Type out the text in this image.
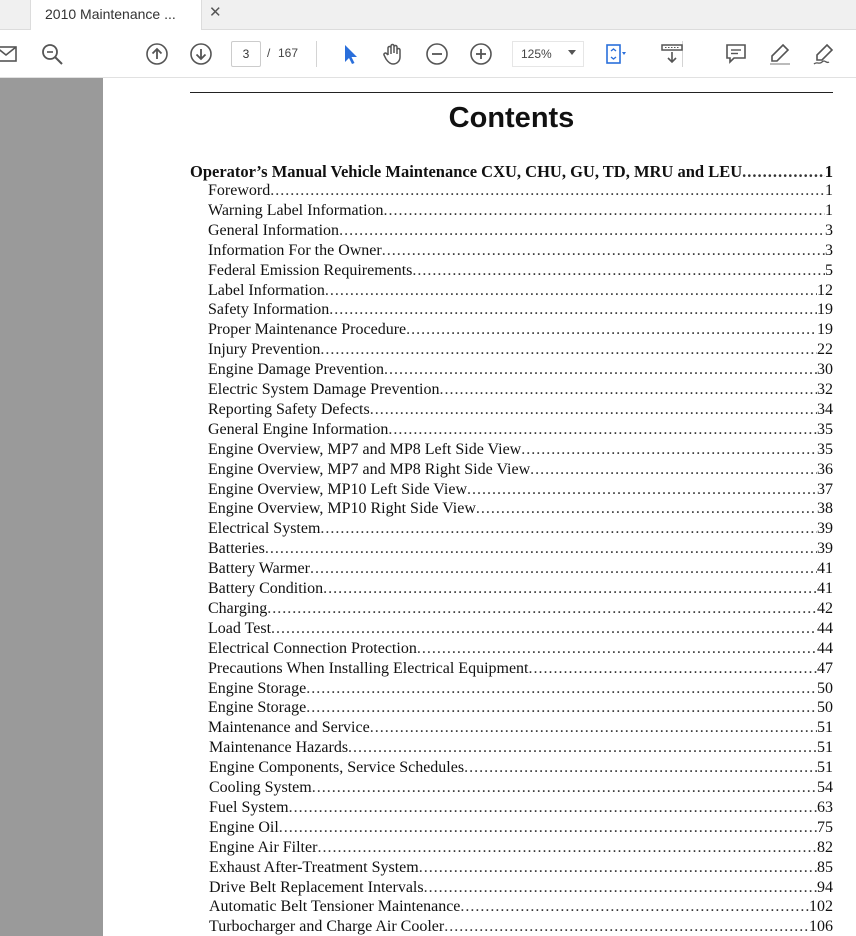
2010 Maintenance ... ✕
3	/ 167	125%
Contents
Operator’s Manual Vehicle Maintenance CXU, CHU, GU, TD, MRU and LEU .....	1
Foreword .....	1
Warning Label Information .....	1
General Information .....	3
Information For the Owner .....	3
Federal Emission Requirements .....	5
Label Information .....	12
Safety Information .....	19
Proper Maintenance Procedure .....	19
Injury Prevention .....	22
Engine Damage Prevention .....	30
Electric System Damage Prevention .....	32
Reporting Safety Defects .....	34
General Engine Information .....	35
Engine Overview, MP7 and MP8 Left Side View .....	35
Engine Overview, MP7 and MP8 Right Side View .....	36
Engine Overview, MP10 Left Side View .....	37
Engine Overview, MP10 Right Side View .....	38
Electrical System .....	39
Batteries .....	39
Battery Warmer .....	41
Battery Condition .....	41
Charging .....	42
Load Test .....	44
Electrical Connection Protection .....	44
Precautions When Installing Electrical Equipment .....	47
Engine Storage .....	50
Engine Storage .....	50
Maintenance and Service .....	51
Maintenance Hazards .....	51
Engine Components, Service Schedules .....	51
Cooling System .....	54
Fuel System .....	63
Engine Oil .....	75
Engine Air Filter .....	82
Exhaust After-Treatment System .....	85
Drive Belt Replacement Intervals .....	94
Automatic Belt Tensioner Maintenance .....	102
Turbocharger and Charge Air Cooler .....	106
